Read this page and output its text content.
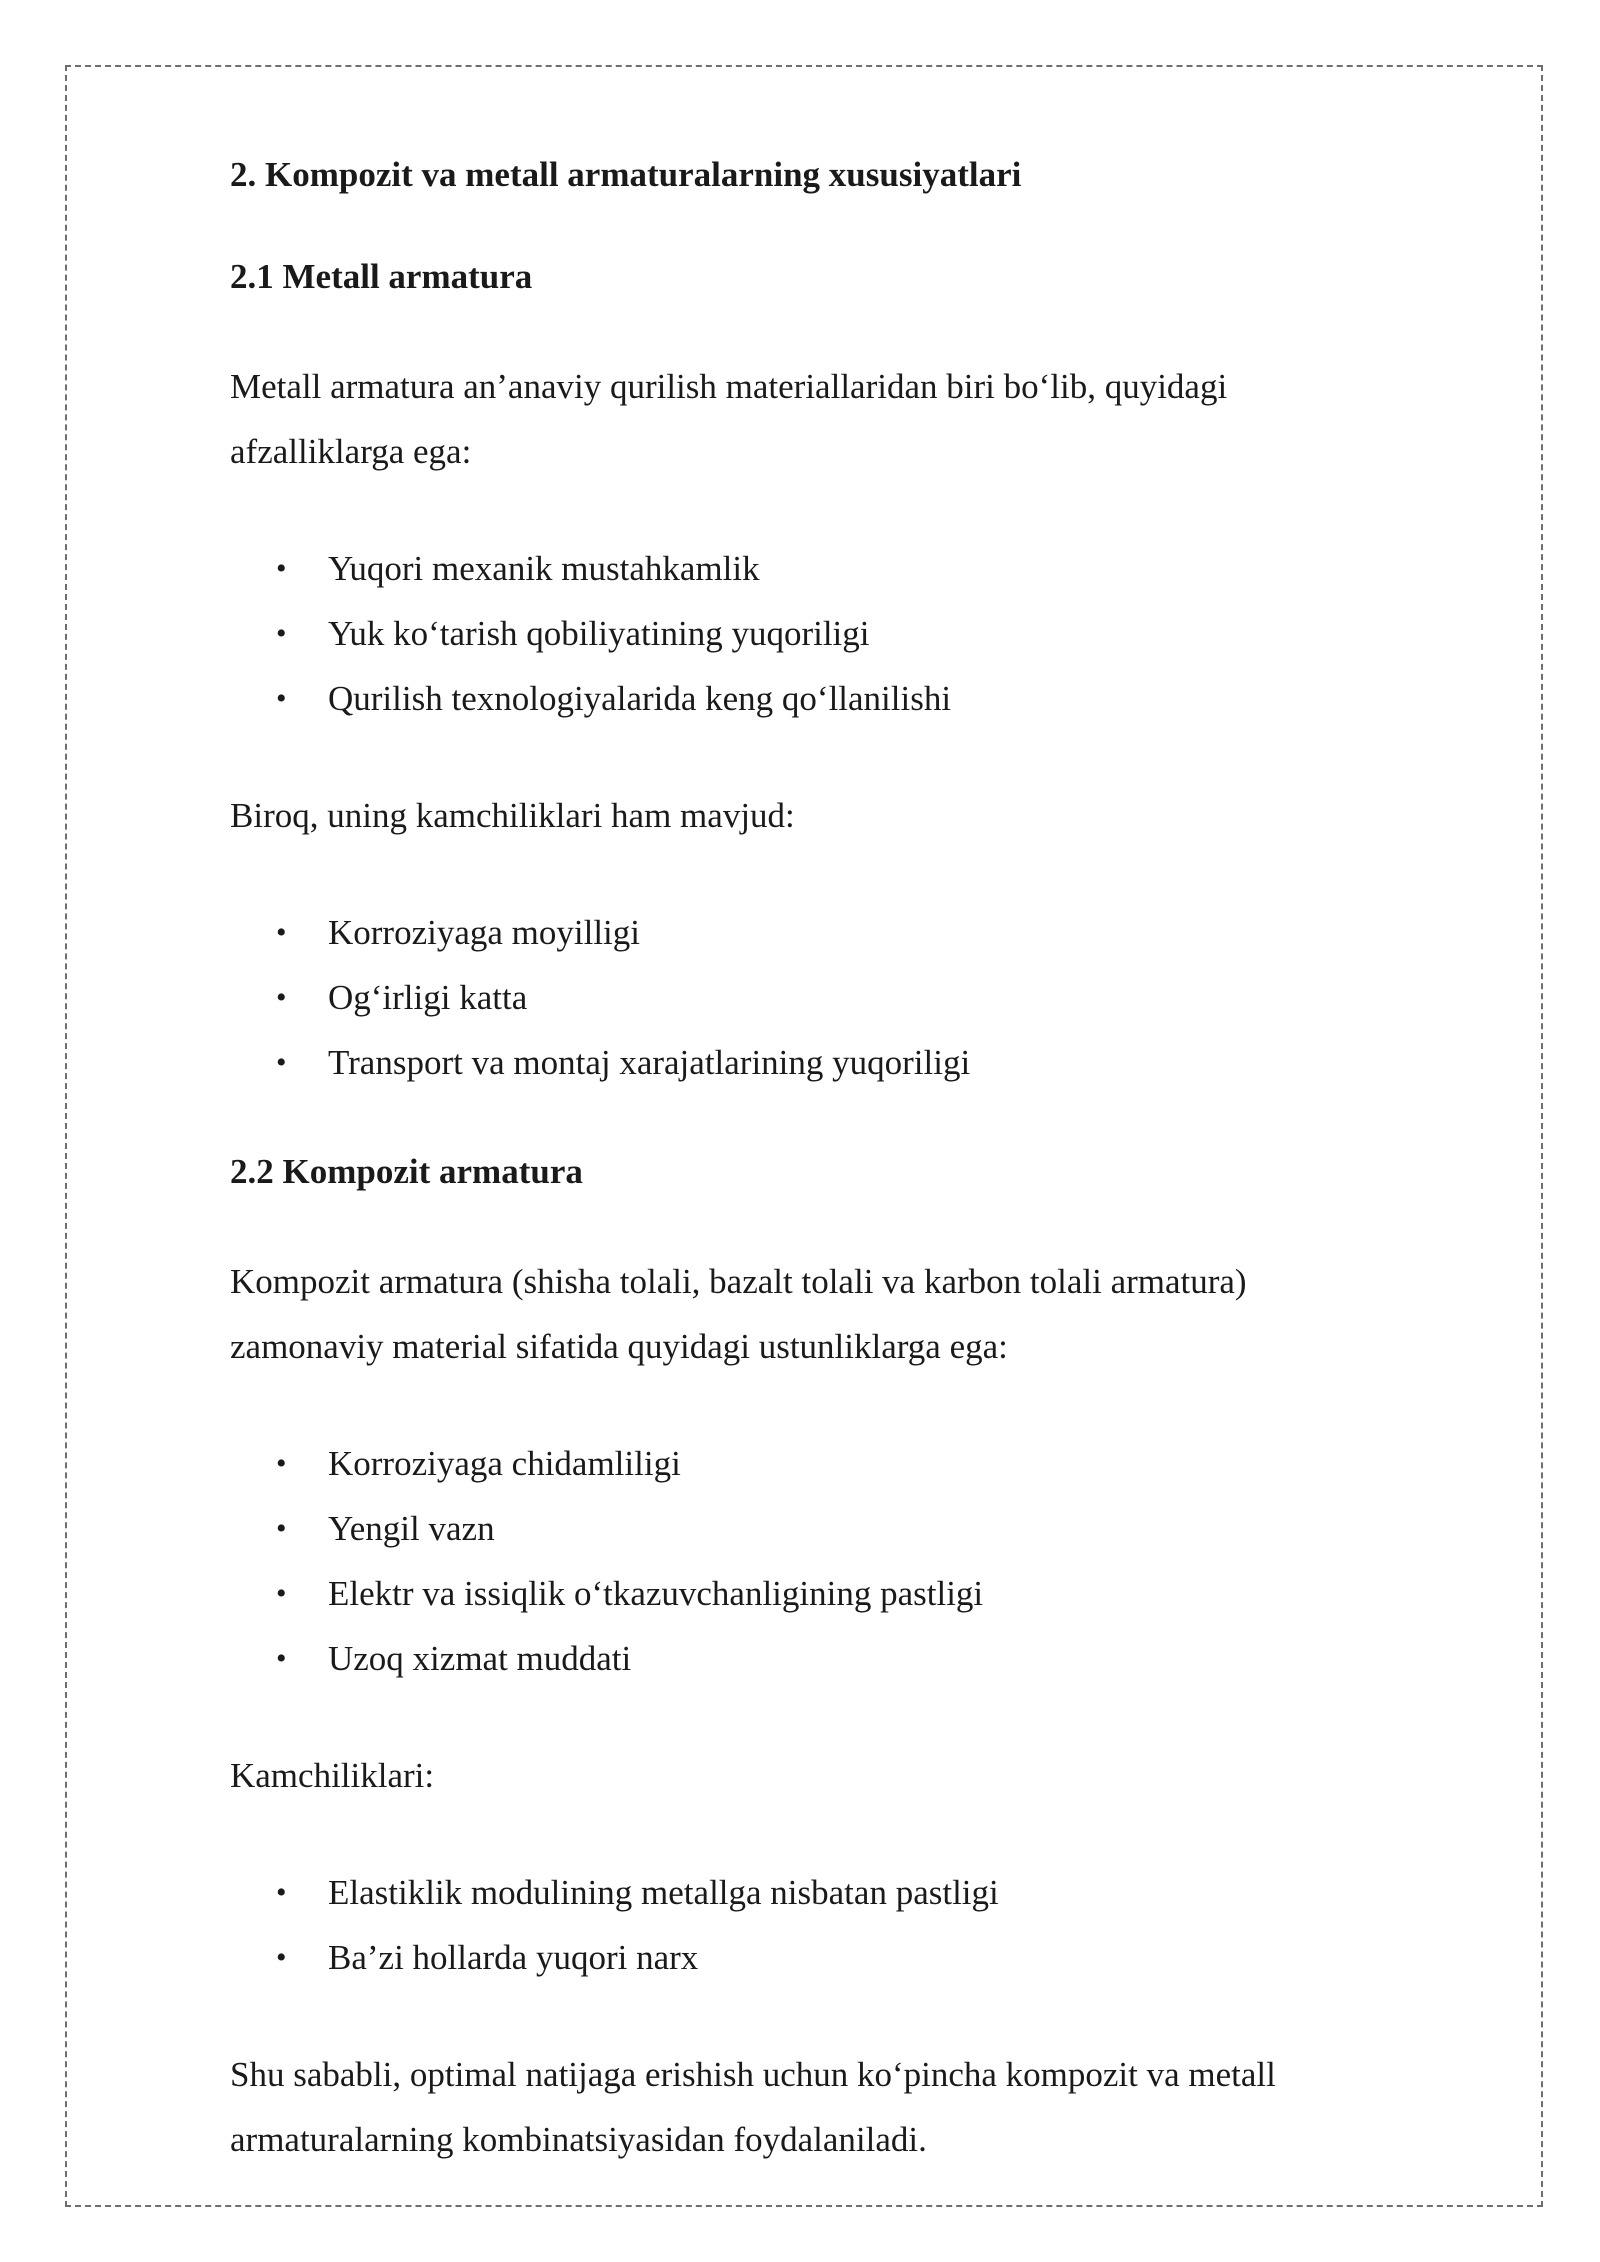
2. Kompozit va metall armaturalarning xususiyatlari
2.1 Metall armatura
Metall armatura an’anaviy qurilish materiallaridan biri bo‘lib, quyidagi afzalliklarga ega:
• Yuqori mexanik mustahkamlik
• Yuk ko‘tarish qobiliyatining yuqoriligi
• Qurilish texnologiyalarida keng qo‘llanilishi
Biroq, uning kamchiliklari ham mavjud:
• Korroziyaga moyilligi
• Og‘irligi katta
• Transport va montaj xarajatlarining yuqoriligi
2.2 Kompozit armatura
Kompozit armatura (shisha tolali, bazalt tolali va karbon tolali armatura) zamonaviy material sifatida quyidagi ustunliklarga ega:
• Korroziyaga chidamliligi
• Yengil vazn
• Elektr va issiqlik o‘tkazuvchanligining pastligi
• Uzoq xizmat muddati
Kamchiliklari:
• Elastiklik modulining metallga nisbatan pastligi
• Ba’zi hollarda yuqori narx
Shu sababli, optimal natijaga erishish uchun ko‘pincha kompozit va metall armaturalarning kombinatsiyasidan foydalaniladi.
